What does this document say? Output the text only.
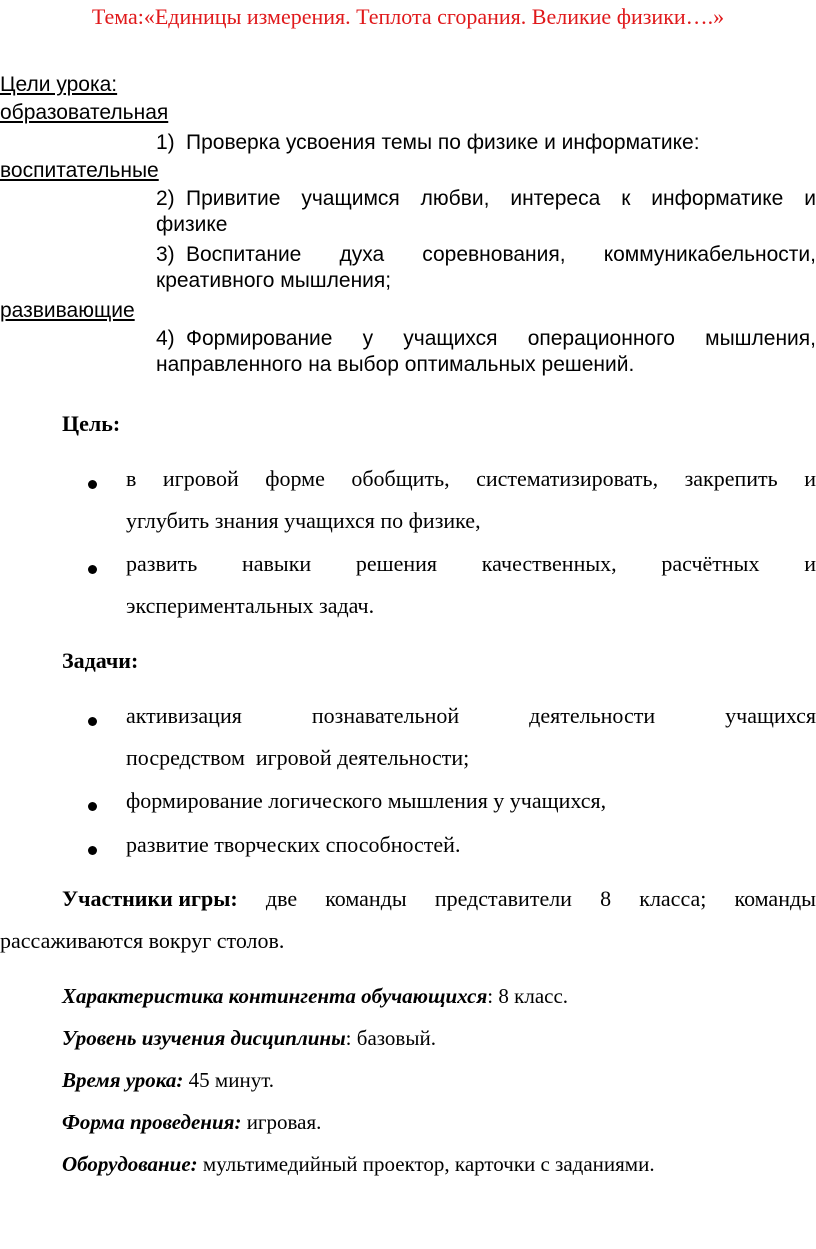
Тема:«Единицы измерения. Теплота сгорания. Великие физики….»
Цели урока:
образовательная
1) Проверка усвоения темы по физике и информатике:
воспитательные
2) Привитие учащимся любви, интереса к информатике и
физике
3) Воспитание духа соревнования, коммуникабельности,
креативного мышления;
развивающие
4) Формирование у учащихся операционного мышления,
направленного на выбор оптимальных решений.
Цель:
в игровой форме обобщить, систематизировать, закрепить и
углубить знания учащихся по физике,
развить навыки решения качественных, расчётных и
экспериментальных задач.
Задачи:
активизация	познавательной	деятельности	учащихся
посредством  игровой деятельности;
формирование логического мышления у учащихся,
развитие творческих способностей.
Участники игры: две команды представители 8 класса; команды
рассаживаются вокруг столов.
Характеристика контингента обучающихся: 8 класс.
Уровень изучения дисциплины: базовый.
Время урока: 45 минут.
Форма проведения: игровая.
Оборудование: мультимедийный проектор, карточки с заданиями.
